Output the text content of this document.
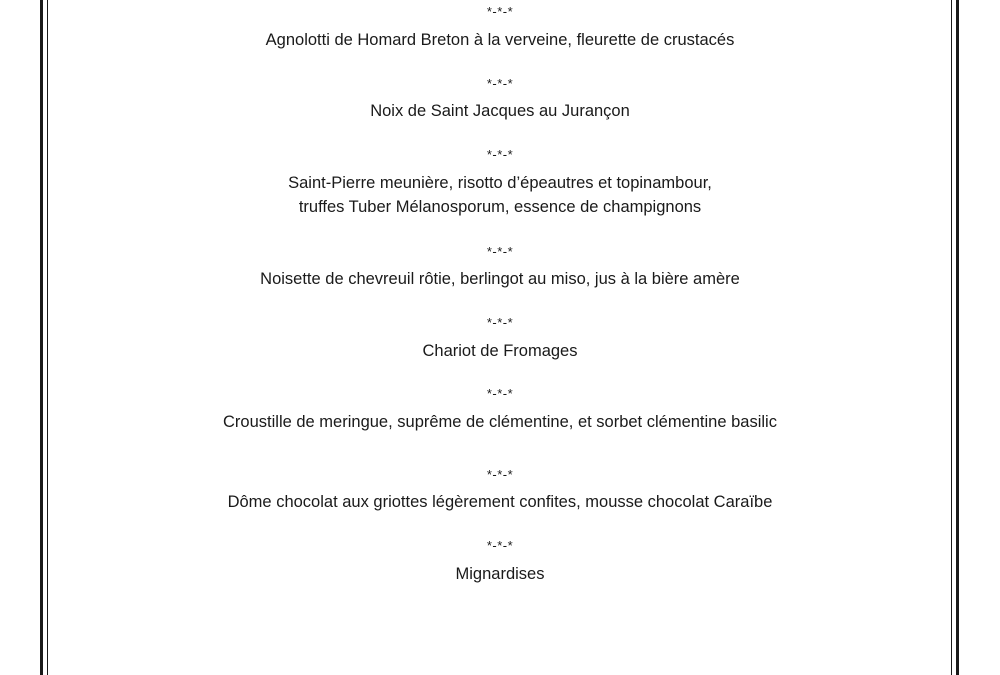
*-*-*
Agnolotti de Homard Breton à la verveine, fleurette de crustacés
*-*-*
Noix de Saint Jacques au Jurançon
*-*-*
Saint-Pierre meunière, risotto d’épeautres et topinambour,
truffes Tuber Mélanosporum, essence de champignons
*-*-*
Noisette de chevreuil rôtie, berlingot au miso, jus à la bière amère
*-*-*
Chariot de Fromages
*-*-*
Croustille de meringue, suprême de clémentine, et sorbet clémentine basilic
*-*-*
Dôme chocolat aux griottes légèrement confites, mousse chocolat Caraïbe
*-*-*
Mignardises
